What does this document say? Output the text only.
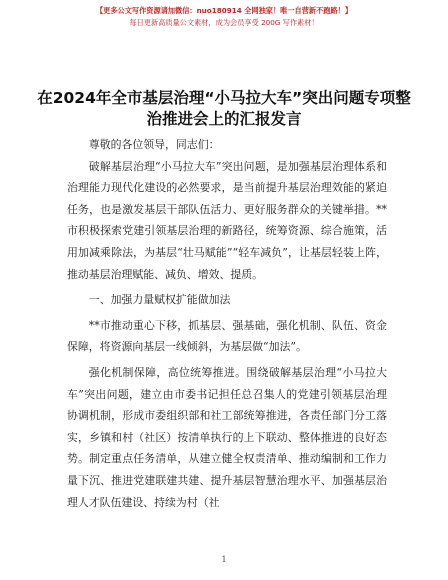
【更多公文写作资源请加微信：nuo180914 全网独家！唯一自营新不跑路！】
每日更新高质量公文素材，成为会员享受 200G 写作素材！
在2024年全市基层治理“小马拉大车”突出问题专项整治推进会上的汇报发言

尊敬的各位领导，同志们：

破解基层治理“小马拉大车”突出问题，是加强基层治理体系和治理能力现代化建设的必然要求，是当前提升基层治理效能的紧迫任务，也是激发基层干部队伍活力、更好服务群众的关键举措。**市积极探索党建引领基层治理的新路径，统筹资源、综合施策，活用加减乘除法，为基层“壮马赋能”“轻车减负”，让基层轻装上阵，推动基层治理赋能、减负、增效、提质。

一、加强力量赋权扩能做加法

**市推动重心下移，抓基层、强基础，强化机制、队伍、资金保障，将资源向基层一线倾斜，为基层做“加法”。

强化机制保障，高位统筹推进。围绕破解基层治理“小马拉大车”突出问题，建立由市委书记担任总召集人的党建引领基层治理协调机制，形成市委组织部和社工部统筹推进，各责任部门分工落实，乡镇和村（社区）按清单执行的上下联动、整体推进的良好态势。制定重点任务清单，从建立健全权责清单、推动编制和工作力量下沉、推进党建联建共建、提升基层智慧治理水平、加强基层治理人才队伍建设、持续为村（社

1
